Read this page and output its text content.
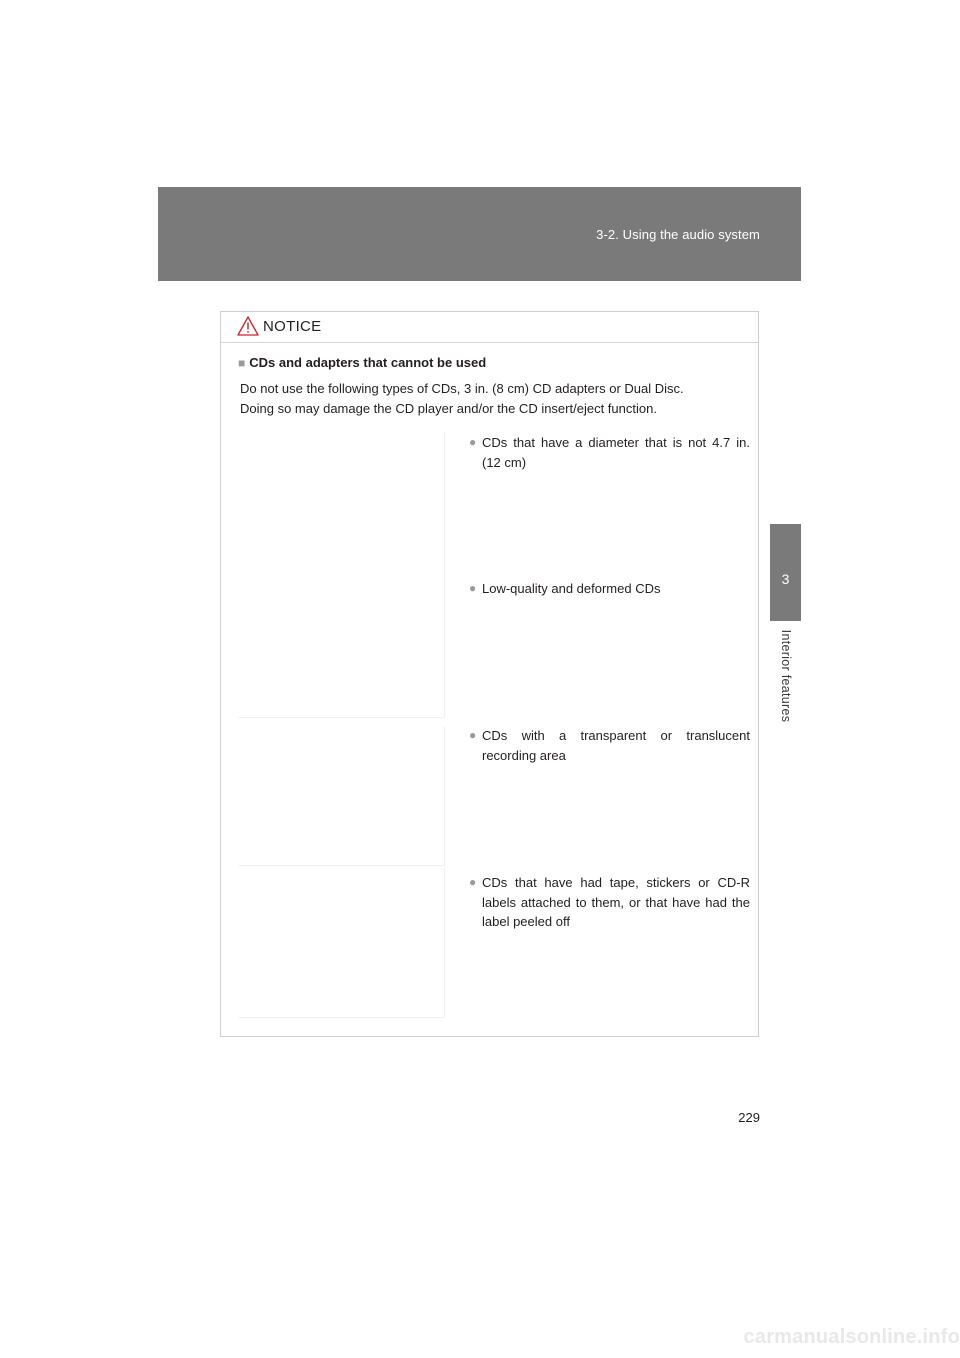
3-2. Using the audio system
3
Interior features
NOTICE
■ CDs and adapters that cannot be used

Do not use the following types of CDs, 3 in. (8 cm) CD adapters or Dual Disc.

Doing so may damage the CD player and/or the CD insert/eject function.

● CDs that have a diameter that is not 4.7 in. (12 cm)
● Low-quality and deformed CDs
● CDs with a transparent or translucent recording area
● CDs that have had tape, stickers or CD-R labels attached to them, or that have had the label peeled off
229
carmanualsonline.info
